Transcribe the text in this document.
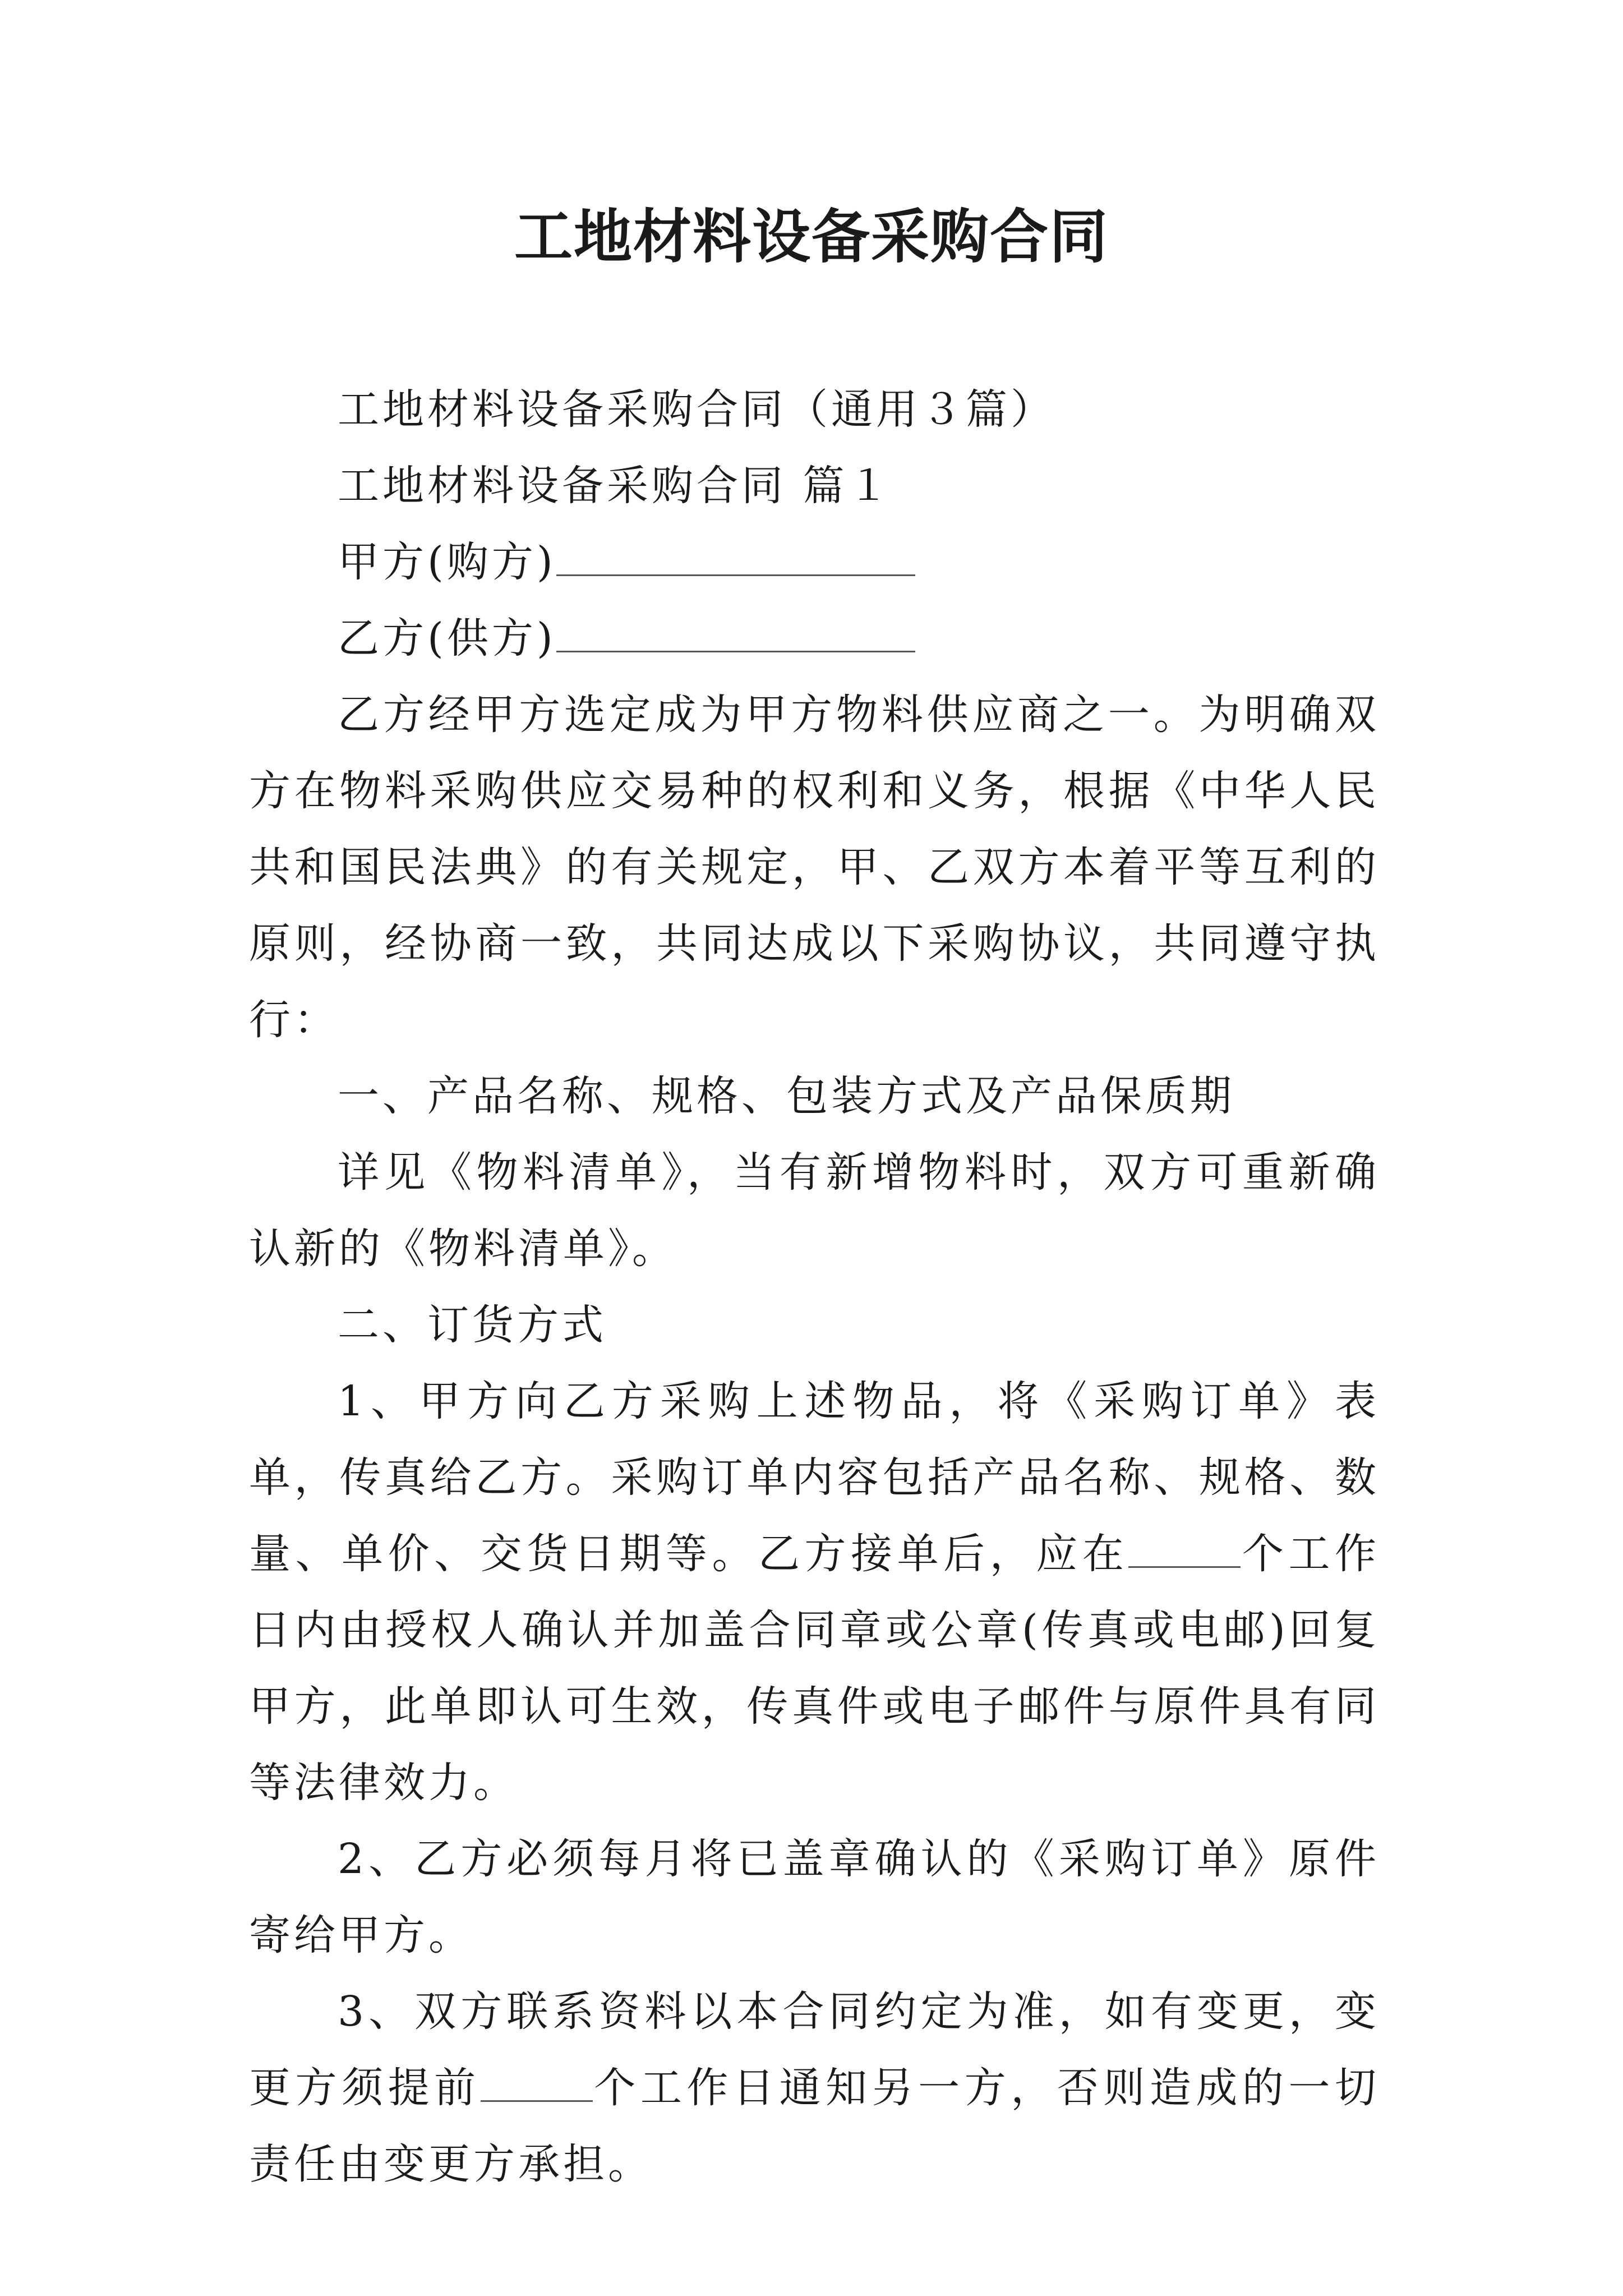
工地材料设备采购合同

工地材料设备采购合同（通用３篇）

工地材料设备采购合同 篇１

甲方(购方)

乙方(供方)

乙方经甲方选定成为甲方物料供应商之一。为明确双方在物料采购供应交易种的权利和义务，根据《中华人民共和国民法典》的有关规定，甲、乙双方本着平等互利的原则，经协商一致，共同达成以下采购协议，共同遵守执行：

一、产品名称、规格、包装方式及产品保质期

详见《物料清单》，当有新增物料时，双方可重新确认新的《物料清单》。

二、订货方式

1、甲方向乙方采购上述物品，将《采购订单》表单，传真给乙方。采购订单内容包括产品名称、规格、数量、单价、交货日期等。乙方接单后，应在	个工作日内由授权人确认并加盖合同章或公章(传真或电邮)回复甲方，此单即认可生效，传真件或电子邮件与原件具有同等法律效力。

2、乙方必须每月将已盖章确认的《采购订单》原件寄给甲方。

3、双方联系资料以本合同约定为准，如有变更，变更方须提前	个工作日通知另一方，否则造成的一切责任由变更方承担。
